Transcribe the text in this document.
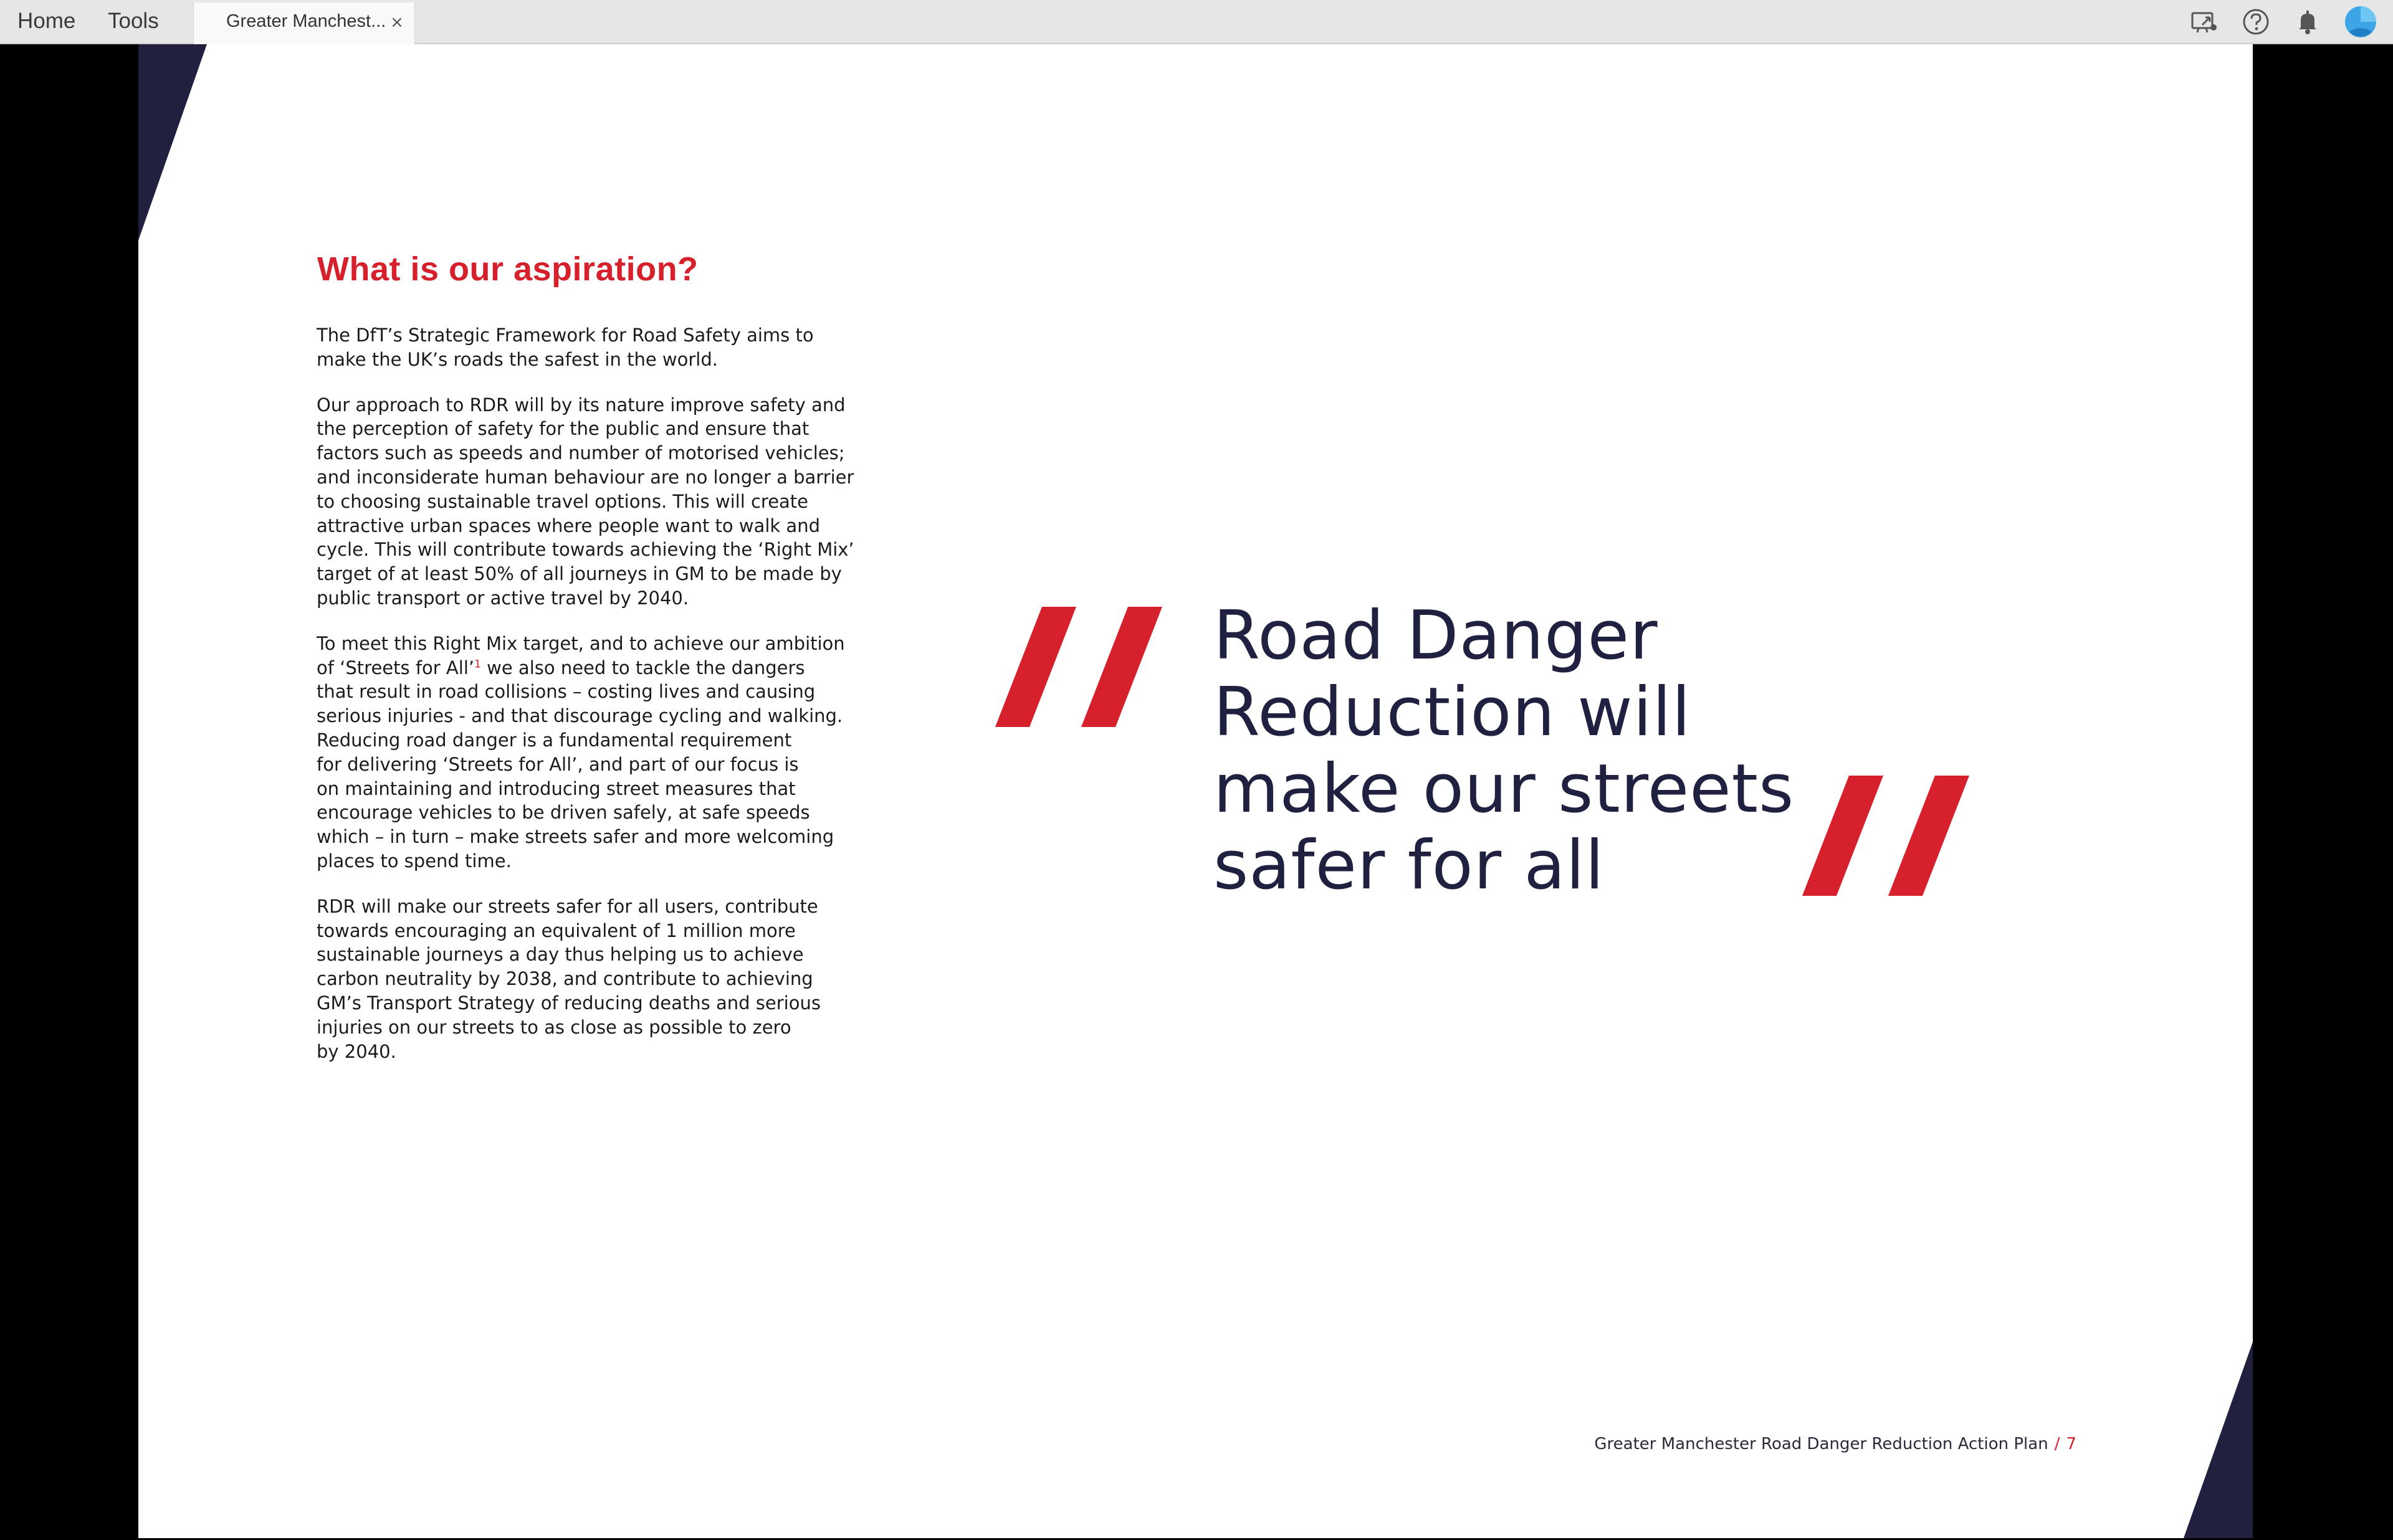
Home Tools	Greater Manchest... ×
What is our aspiration?

The DfT’s Strategic Framework for Road Safety aims to
make the UK’s roads the safest in the world.

Our approach to RDR will by its nature improve safety and
the perception of safety for the public and ensure that
factors such as speeds and number of motorised vehicles;
and inconsiderate human behaviour are no longer a barrier
to choosing sustainable travel options. This will create
attractive urban spaces where people want to walk and
cycle. This will contribute towards achieving the ‘Right Mix’
target of at least 50% of all journeys in GM to be made by
public transport or active travel by 2040.

To meet this Right Mix target, and to achieve our ambition
of ‘Streets for All’$^1$ we also need to tackle the dangers
that result in road collisions – costing lives and causing
serious injuries - and that discourage cycling and walking.
Reducing road danger is a fundamental requirement
for delivering ‘Streets for All’, and part of our focus is
on maintaining and introducing street measures that
encourage vehicles to be driven safely, at safe speeds
which – in turn – make streets safer and more welcoming
places to spend time.

RDR will make our streets safer for all users, contribute
towards encouraging an equivalent of 1 million more
sustainable journeys a day thus helping us to achieve
carbon neutrality by 2038, and contribute to achieving
GM’s Transport Strategy of reducing deaths and serious
injuries on our streets to as close as possible to zero
by 2040.

Road Danger
Reduction will
make our streets
safer for all
Greater Manchester Road Danger Reduction Action Plan / 7
